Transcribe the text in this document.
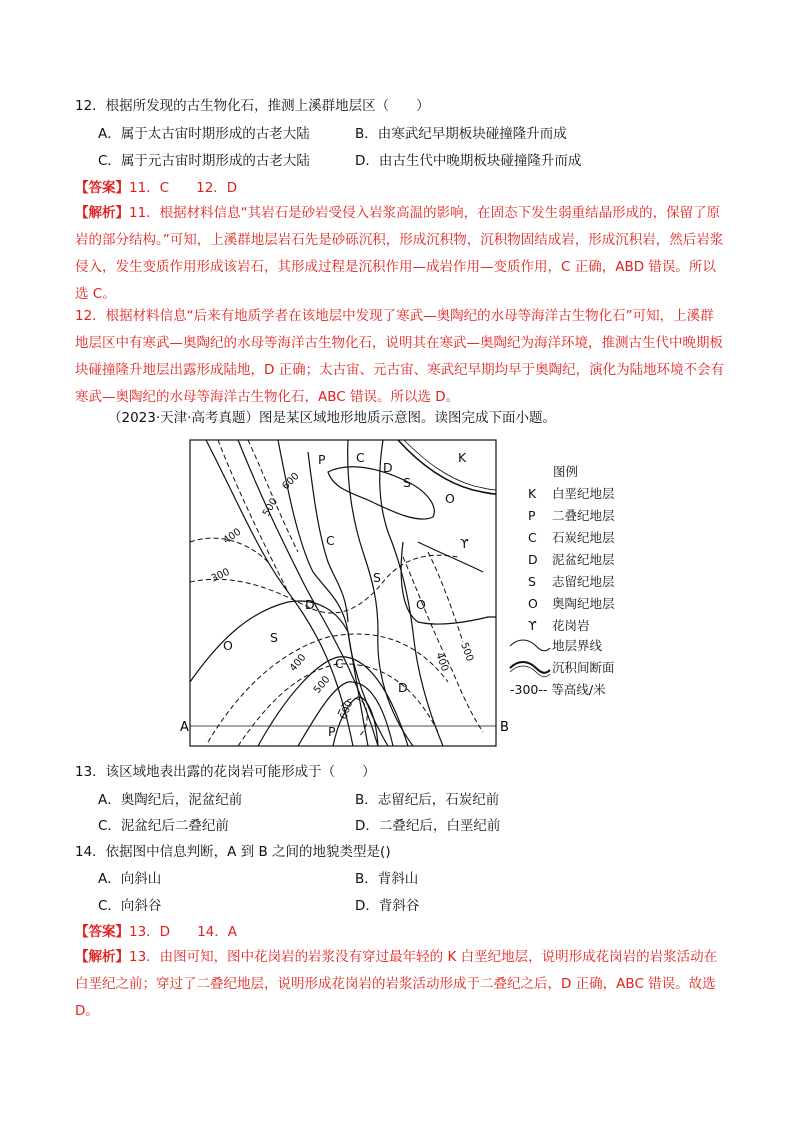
12．根据所发现的古生物化石，推测上溪群地层区（　　）
A．属于太古宙时期形成的古老大陆	B．由寒武纪早期板块碰撞隆升而成
C．属于元古宙时期形成的古老大陆	D．由古生代中晚期板块碰撞隆升而成
【答案】11．C　　12．D
【解析】11．根据材料信息“其岩石是砂岩受侵入岩浆高温的影响，在固态下发生弱重结晶形成的，保留了原岩的部分结构。”可知，上溪群地层岩石先是砂砾沉积，形成沉积物，沉积物固结成岩，形成沉积岩，然后岩浆侵入，发生变质作用形成该岩石，其形成过程是沉积作用—成岩作用—变质作用，C 正确，ABD 错误。所以选 C。
12．根据材料信息“后来有地质学者在该地层中发现了寒武—奥陶纪的水母等海洋古生物化石”可知，上溪群地层区中有寒武—奥陶纪的水母等海洋古生物化石，说明其在寒武—奥陶纪为海洋环境，推测古生代中晚期板块碰撞隆升地层出露形成陆地，D 正确；太古宙、元古宙、寒武纪早期均早于奥陶纪，演化为陆地环境不会有寒武—奥陶纪的水母等海洋古生物化石，ABC 错误。所以选 D。
（2023·天津·高考真题）图是某区域地形地质示意图。读图完成下面小题。
600
500
400
300
400
500
600
400 500
P C
D
K
S
O
C
S
O
D
O
S
C
D
P
ϒ
A	B
图例
K 白垩纪地层
P 二叠纪地层
C 石炭纪地层
D 泥盆纪地层
S 志留纪地层
O 奥陶纪地层
ϒ 花岗岩
地层界线
沉积间断面
-300-- 等高线/米
13．该区域地表出露的花岗岩可能形成于（　　）
A．奥陶纪后，泥盆纪前	B．志留纪后，石炭纪前
C．泥盆纪后二叠纪前	D．二叠纪后，白垩纪前
14．依据图中信息判断，A 到 B 之间的地貌类型是()
A．向斜山	B．背斜山
C．向斜谷	D．背斜谷
【答案】13．D　　14．A
【解析】13．由图可知，图中花岗岩的岩浆没有穿过最年轻的 K 白垩纪地层，说明形成花岗岩的岩浆活动在白垩纪之前；穿过了二叠纪地层，说明形成花岗岩的岩浆活动形成于二叠纪之后，D 正确，ABC 错误。故选 D。
